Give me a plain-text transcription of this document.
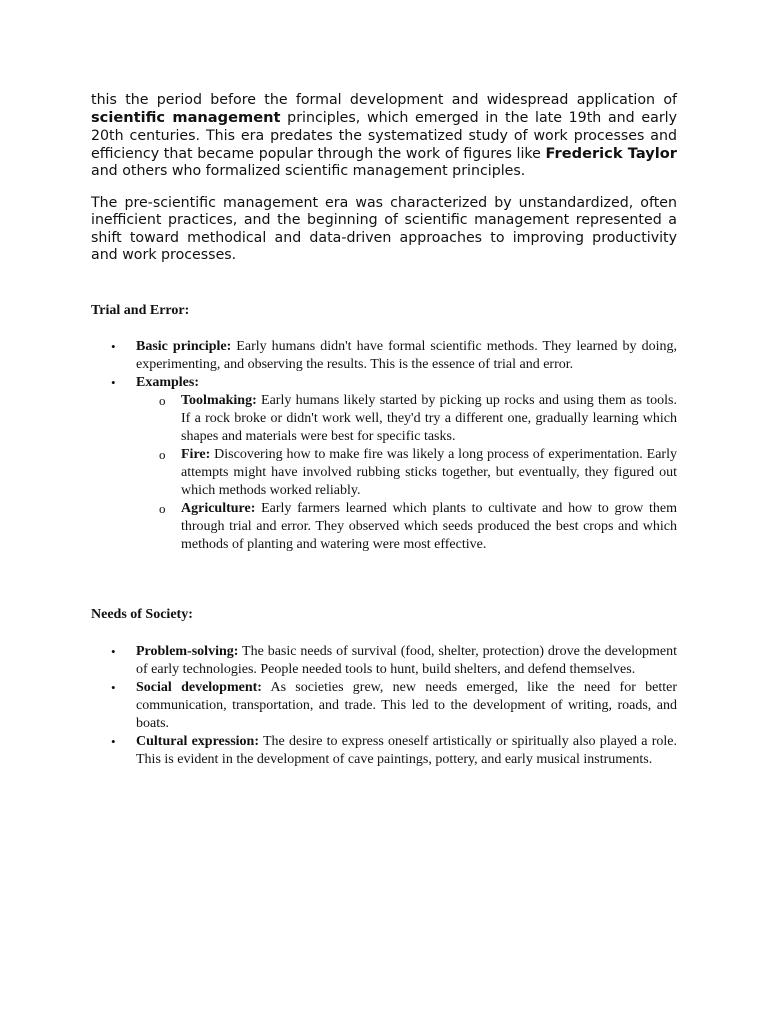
this the period before the formal development and widespread application of scientific management principles, which emerged in the late 19th and early 20th centuries. This era predates the systematized study of work processes and efficiency that became popular through the work of figures like Frederick Taylor and others who formalized scientific management principles.

The pre-scientific management era was characterized by unstandardized, often inefficient practices, and the beginning of scientific management represented a shift toward methodical and data-driven approaches to improving productivity and work processes.

Trial and Error:

• Basic principle: Early humans didn't have formal scientific methods. They learned by doing, experimenting, and observing the results. This is the essence of trial and error.
• Examples:
o Toolmaking: Early humans likely started by picking up rocks and using them as tools. If a rock broke or didn't work well, they'd try a different one, gradually learning which shapes and materials were best for specific tasks.
o Fire: Discovering how to make fire was likely a long process of experimentation. Early attempts might have involved rubbing sticks together, but eventually, they figured out which methods worked reliably.
o Agriculture: Early farmers learned which plants to cultivate and how to grow them through trial and error. They observed which seeds produced the best crops and which methods of planting and watering were most effective.

Needs of Society:

• Problem-solving: The basic needs of survival (food, shelter, protection) drove the development of early technologies. People needed tools to hunt, build shelters, and defend themselves.
• Social development: As societies grew, new needs emerged, like the need for better communication, transportation, and trade. This led to the development of writing, roads, and boats.
• Cultural expression: The desire to express oneself artistically or spiritually also played a role. This is evident in the development of cave paintings, pottery, and early musical instruments.
